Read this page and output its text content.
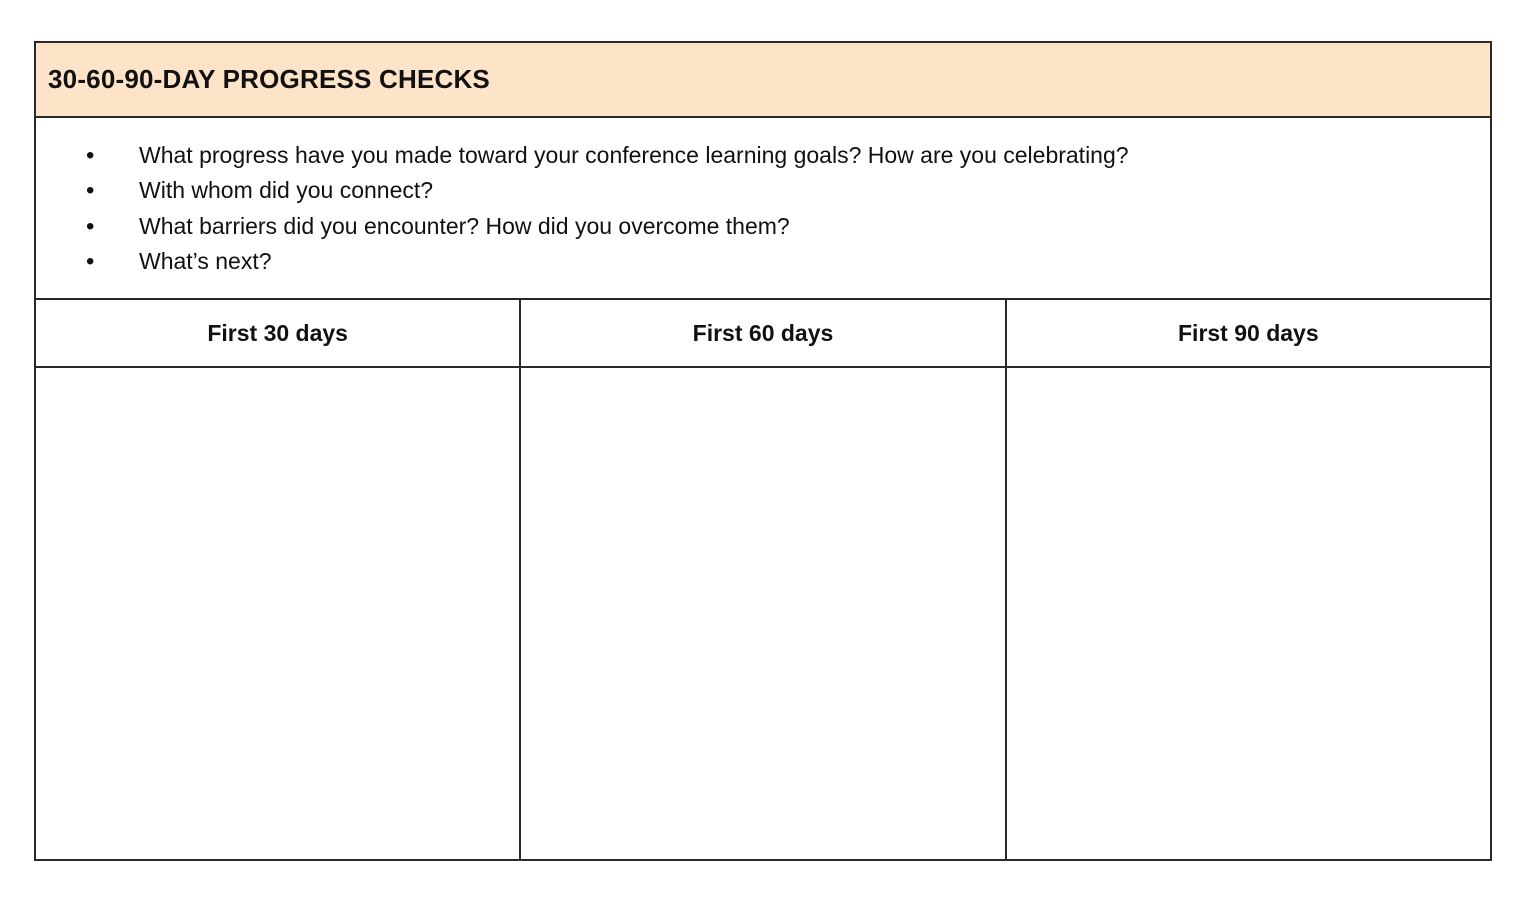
30-60-90-DAY PROGRESS CHECKS
• What progress have you made toward your conference learning goals? How are you celebrating?
• With whom did you connect?
• What barriers did you encounter? How did you overcome them?
• What’s next?
First 30 days	First 60 days	First 90 days
